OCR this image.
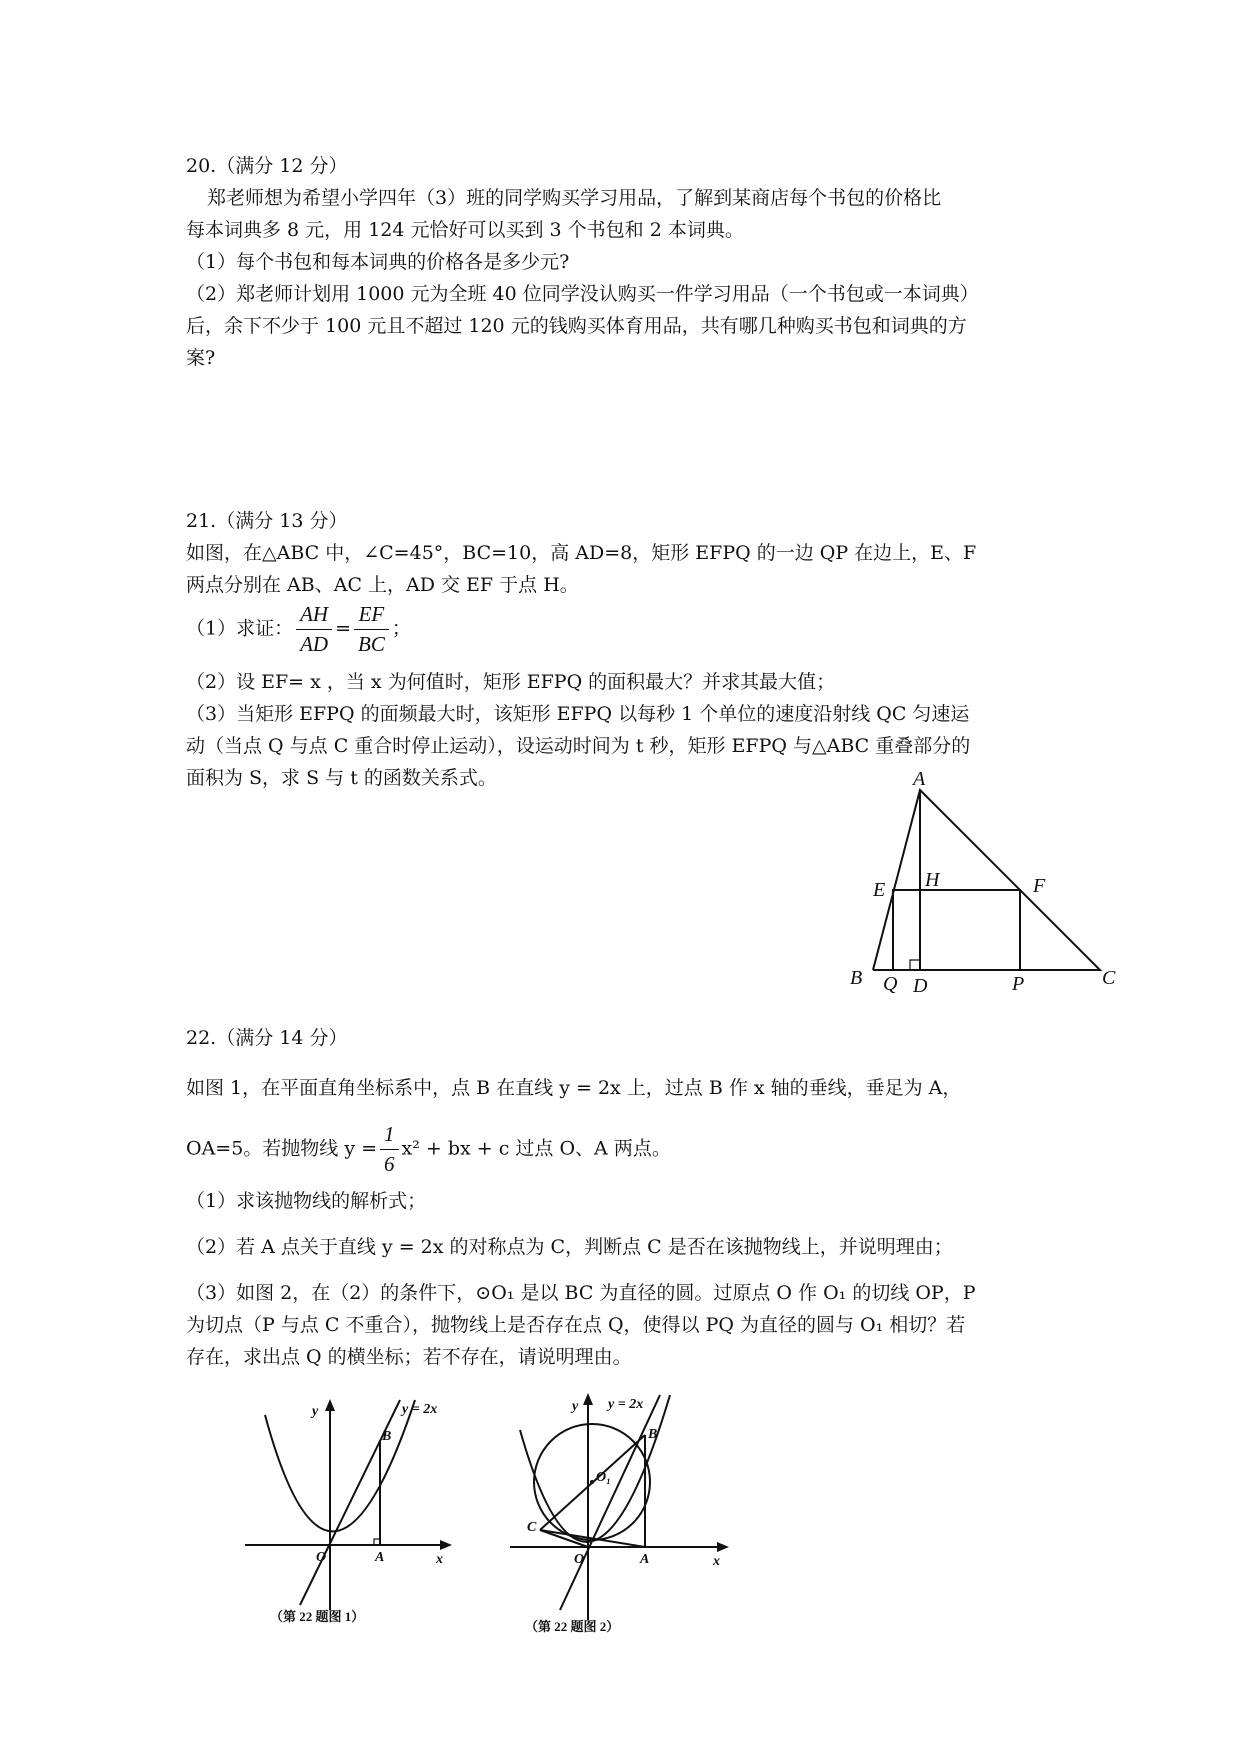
20.（满分 12 分）
郑老师想为希望小学四年（3）班的同学购买学习用品，了解到某商店每个书包的价格比
每本词典多 8 元，用 124 元恰好可以买到 3 个书包和 2 本词典。
（1）每个书包和每本词典的价格各是多少元?
（2）郑老师计划用 1000 元为全班 40 位同学没认购买一件学习用品（一个书包或一本词典）
后，余下不少于 100 元且不超过 120 元的钱购买体育用品，共有哪几种购买书包和词典的方
案?
21.（满分 13 分）
如图，在△ABC 中，∠C=45°，BC=10，高 AD=8，矩形 EFPQ 的一边 QP 在边上，E、F
两点分别在 AB、AC 上，AD 交 EF 于点 H。
（1）求证： $\frac{AH}{AD} = \frac{EF}{BC}$ ；
（2）设 EF= x ，当 x 为何值时，矩形 EFPQ 的面积最大？并求其最大值；
（3）当矩形 EFPQ 的面频最大时，该矩形 EFPQ 以每秒 1 个单位的速度沿射线 QC 匀速运
动（当点 Q 与点 C 重合时停止运动），设运动时间为 t 秒，矩形 EFPQ 与△ABC 重叠部分的
面积为 S，求 S 与 t 的函数关系式。	A
B	C
D
E	F
H
P
Q
22.（满分 14 分）
如图 1，在平面直角坐标系中，点 B 在直线 y = 2x 上，过点 B 作 x 轴的垂线，垂足为 A，
OA=5。若抛物线 $y = \frac{1}{6} x^2$ + bx + c 过点 O、A 两点。
（1）求该抛物线的解析式；
（2）若 A 点关于直线 y = 2x 的对称点为 C，判断点 C 是否在该抛物线上，并说明理由；
（3）如图 2，在（2）的条件下，⊙O₁ 是以 BC 为直径的圆。过原点 O 作 O₁ 的切线 OP，P
为切点（P 与点 C 不重合），抛物线上是否存在点 Q，使得以 PQ 为直径的圆与 O₁ 相切？若
存在，求出点 Q 的横坐标；若不存在，请说明理由。
y
x
y = 2x
B
O	A
（第 22 题图 1）
y
x
y = 2x
B
O₁
C
O	A
（第 22 题图 2）
